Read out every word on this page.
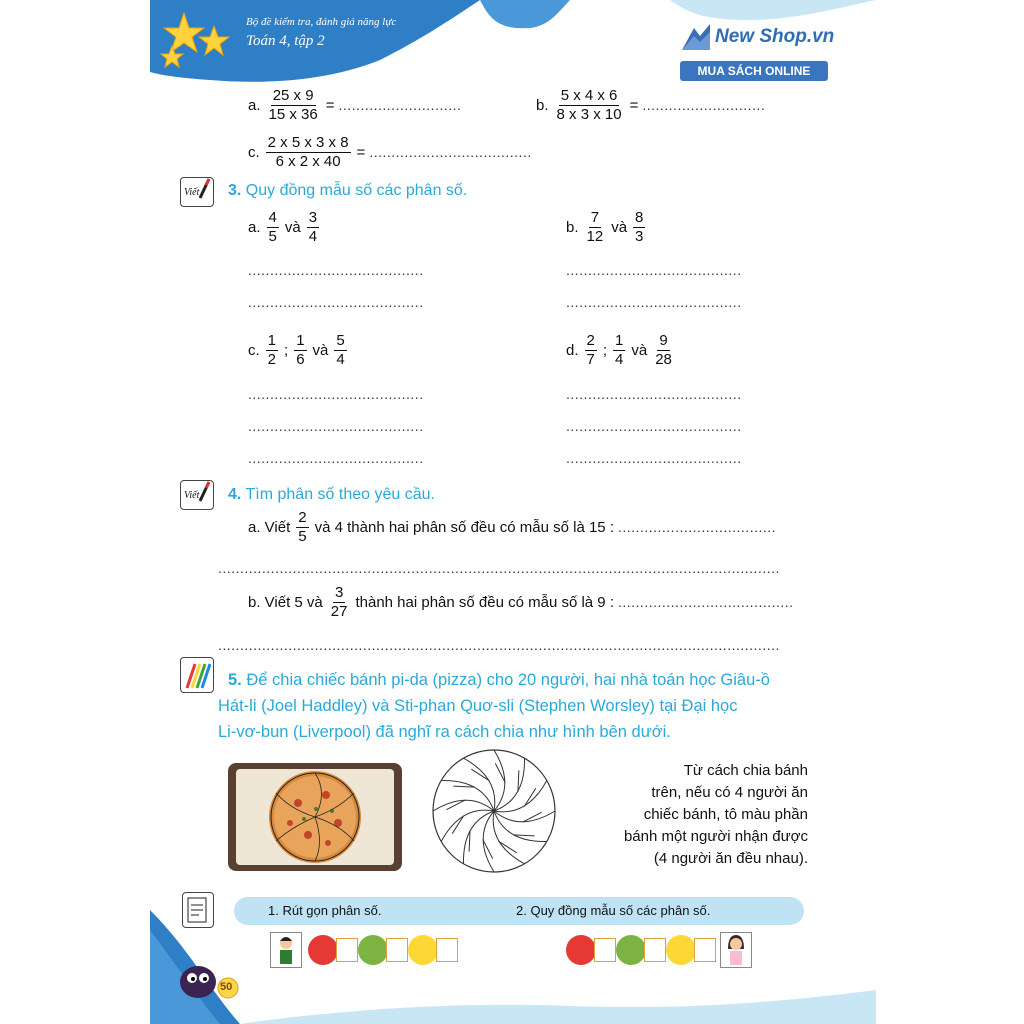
Bộ đề kiểm tra, đánh giá năng lực
Toán 4, tập 2	New Shop.vn
MUA SÁCH ONLINE
a. $\frac{25 x 9}{15 x 36}$ = ............................	b. $\frac{5 x 4 x 6}{8 x 3 x 10}$ = ............................
c. $\frac{2 x 5 x 3 x 8}{6 x 2 x 40}$ = .....................................
Viết 3. Quy đồng mẫu số các phân số.
a. $\frac{4}{5}$ và $\frac{3}{4}$	b. $\frac{7}{12}$ và $\frac{8}{3}$
........................................
........................................
........................................
........................................
c. $\frac{1}{2}$ ; $\frac{1}{6}$ và $\frac{5}{4}$	d. $\frac{2}{7}$ ; $\frac{1}{4}$ và $\frac{9}{28}$
........................................
........................................
........................................
........................................
........................................
........................................
Viết 4. Tìm phân số theo yêu cầu.
a. Viết $\frac{2}{5}$ và 4 thành hai phân số đều có mẫu số là 15 : ....................................
................................................................................................................................
b. Viết 5 và $\frac{3}{27}$ thành hai phân số đều có mẫu số là 9 : ........................................
................................................................................................................................
5. Để chia chiếc bánh pi-da (pizza) cho 20 người, hai nhà toán học Giâu-ồ
Hát-li (Joel Haddley) và Sti-phan Quơ-sli (Stephen Worsley) tại Đại học
Li-vơ-bun (Liverpool) đã nghĩ ra cách chia như hình bên dưới.
Từ cách chia bánh
trên, nếu có 4 người ăn
chiếc bánh, tô màu phần
bánh một người nhận được
(4 người ăn đều nhau).
1. Rút gọn phân số.	2. Quy đồng mẫu số các phân số.
50
